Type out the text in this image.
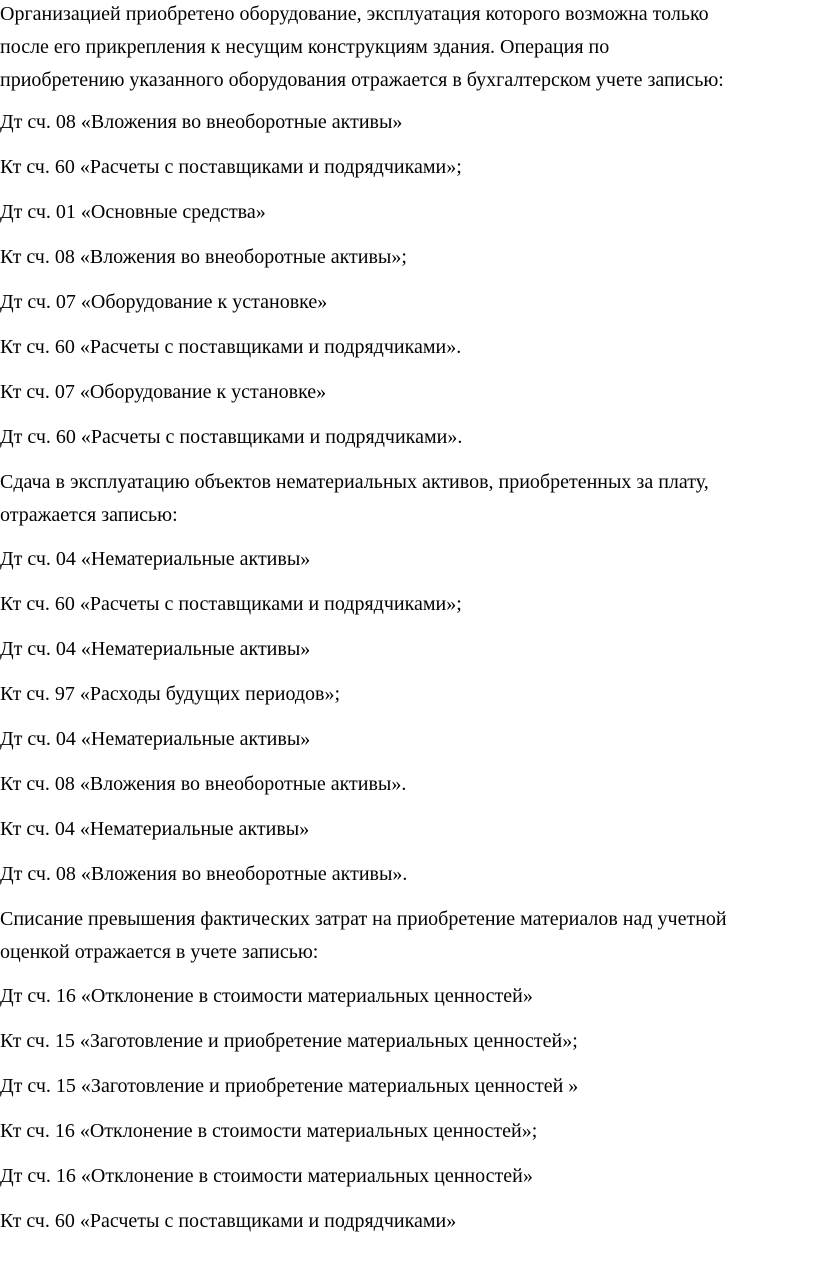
Организацией приобретено оборудование, эксплуатация которого возможна только
после его прикрепления к несущим конструкциям здания. Операция по
приобретению указанного оборудования отражается в бухгалтерском учете записью:
Дт сч. 08 «Вложения во внеоборотные активы»
Кт сч. 60 «Расчеты с поставщиками и подрядчиками»;
Дт сч. 01 «Основные средства»
Кт сч. 08 «Вложения во внеоборотные активы»;
Дт сч. 07 «Оборудование к установке»
Кт сч. 60 «Расчеты с поставщиками и подрядчиками».
Кт сч. 07 «Оборудование к установке»
Дт сч. 60 «Расчеты с поставщиками и подрядчиками».
Сдача в эксплуатацию объектов нематериальных активов, приобретенных за плату,
отражается записью:
Дт сч. 04 «Нематериальные активы»
Кт сч. 60 «Расчеты с поставщиками и подрядчиками»;
Дт сч. 04 «Нематериальные активы»
Кт сч. 97 «Расходы будущих периодов»;
Дт сч. 04 «Нематериальные активы»
Кт сч. 08 «Вложения во внеоборотные активы».
Кт сч. 04 «Нематериальные активы»
Дт сч. 08 «Вложения во внеоборотные активы».
Списание превышения фактических затрат на приобретение материалов над учетной
оценкой отражается в учете записью:
Дт сч. 16 «Отклонение в стоимости материальных ценностей»
Кт сч. 15 «Заготовление и приобретение материальных ценностей»;
Дт сч. 15 «Заготовление и приобретение материальных ценностей »
Кт сч. 16 «Отклонение в стоимости материальных ценностей»;
Дт сч. 16 «Отклонение в стоимости материальных ценностей»
Кт сч. 60 «Расчеты с поставщиками и подрядчиками»
